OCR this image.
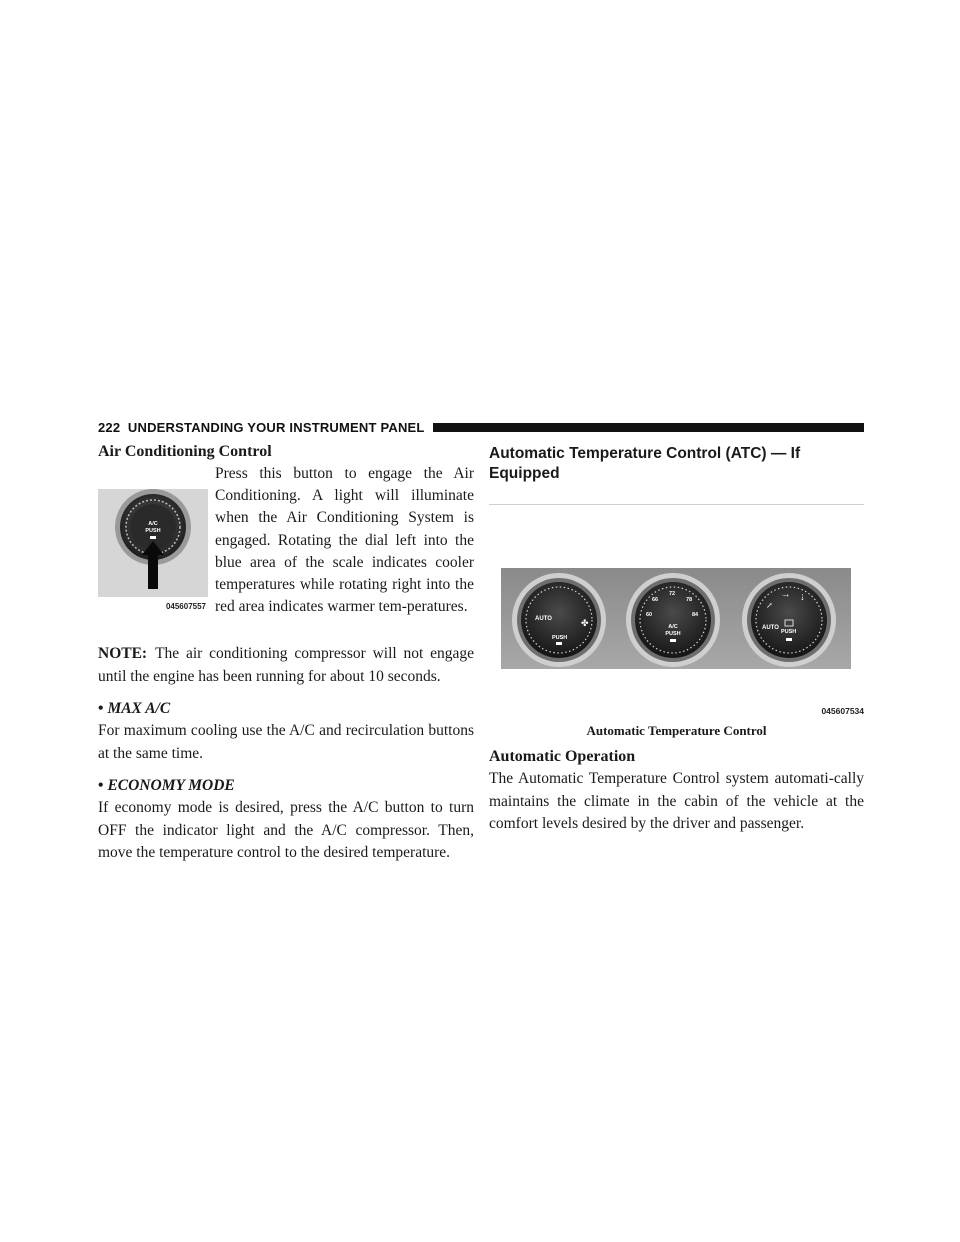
222 UNDERSTANDING YOUR INSTRUMENT PANEL
Air Conditioning Control
A/C
PUSH
045607557
Press this button to engage the Air Conditioning. A light will illuminate when the Air Conditioning System is engaged. Rotating the dial left into the blue area of the scale indicates cooler temperatures while rotating right into the red area indicates warmer tem-peratures.

NOTE: The air conditioning compressor will not engage until the engine has been running for about 10 seconds.

• MAX A/C

For maximum cooling use the A/C and recirculation buttons at the same time.

• ECONOMY MODE

If economy mode is desired, press the A/C button to turn OFF the indicator light and the A/C compressor. Then, move the temperature control to the desired temperature.

Automatic Temperature Control (ATC) — If Equipped
AUTO
PUSH
✤
60
66
72
78
84
A/C
PUSH
AUTO
PUSH
↗
⇢ ⇣
045607534
Automatic Temperature Control
Automatic Operation

The Automatic Temperature Control system automati-cally maintains the climate in the cabin of the vehicle at the comfort levels desired by the driver and passenger.
